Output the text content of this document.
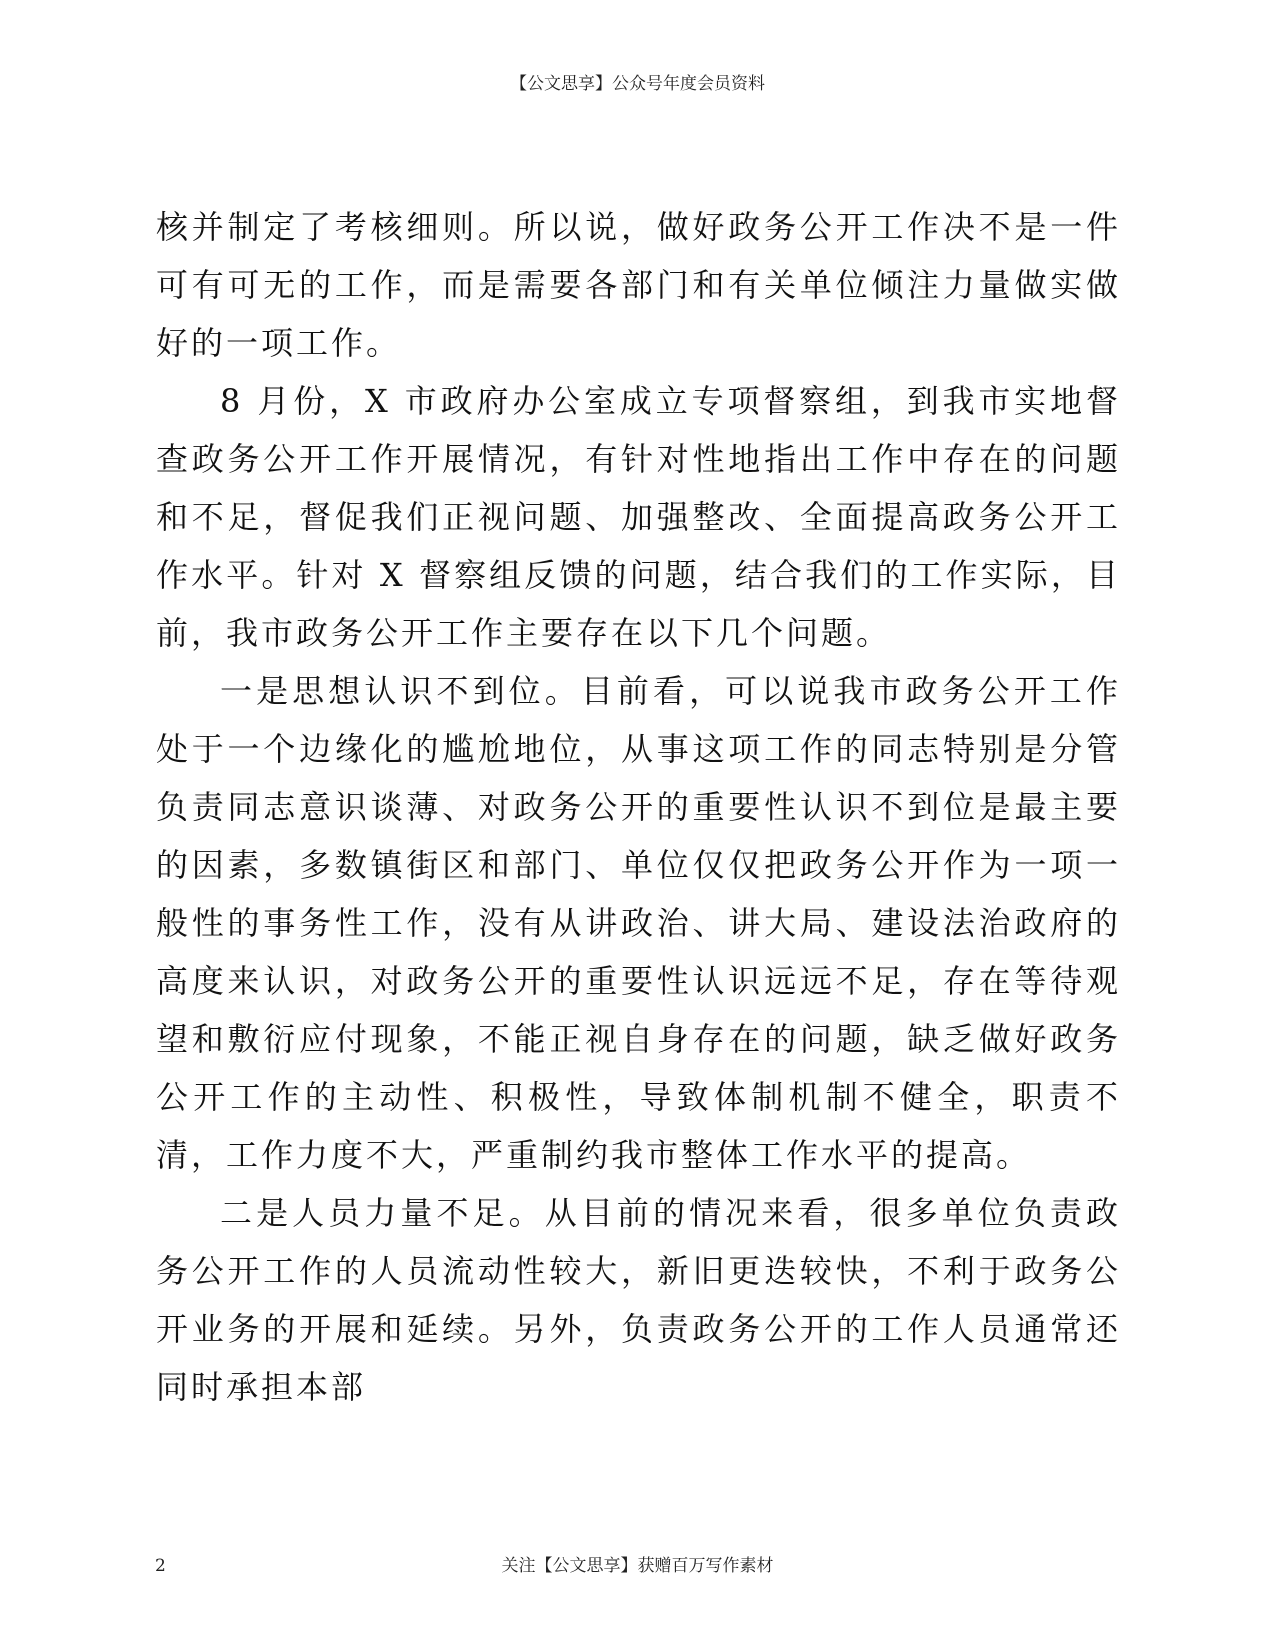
【公文思享】公众号年度会员资料

核并制定了考核细则。所以说，做好政务公开工作决不是一件可有可无的工作，而是需要各部门和有关单位倾注力量做实做好的一项工作。

8 月份，X 市政府办公室成立专项督察组，到我市实地督查政务公开工作开展情况，有针对性地指出工作中存在的问题和不足，督促我们正视问题、加强整改、全面提高政务公开工作水平。针对 X 督察组反馈的问题，结合我们的工作实际，目前，我市政务公开工作主要存在以下几个问题。

一是思想认识不到位。目前看，可以说我市政务公开工作处于一个边缘化的尴尬地位，从事这项工作的同志特别是分管负责同志意识谈薄、对政务公开的重要性认识不到位是最主要的因素，多数镇街区和部门、单位仅仅把政务公开作为一项一般性的事务性工作，没有从讲政治、讲大局、建设法治政府的高度来认识，对政务公开的重要性认识远远不足，存在等待观望和敷衍应付现象，不能正视自身存在的问题，缺乏做好政务公开工作的主动性、积极性，导致体制机制不健全，职责不清，工作力度不大，严重制约我市整体工作水平的提高。

二是人员力量不足。从目前的情况来看，很多单位负责政务公开工作的人员流动性较大，新旧更迭较快，不利于政务公开业务的开展和延续。另外，负责政务公开的工作人员通常还同时承担本部

2	关注【公文思享】获赠百万写作素材
